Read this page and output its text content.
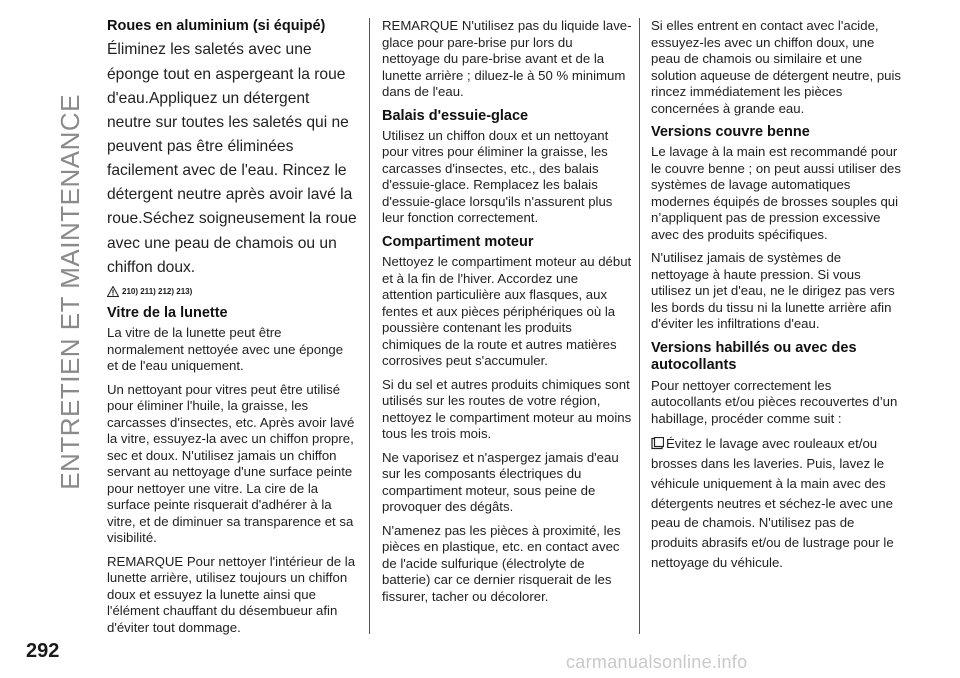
ENTRETIEN ET MAINTENANCE
292
Roues en aluminium (si équipé)

Éliminez les saletés avec une éponge tout en aspergeant la roue d'eau.Appliquez un détergent neutre sur toutes les saletés qui ne peuvent pas être éliminées facilement avec de l'eau. Rincez le détergent neutre après avoir lavé la roue.Séchez soigneusement la roue avec une peau de chamois ou un chiffon doux.

210) 211) 212) 213)
Vitre de la lunette

La vitre de la lunette peut être normalement nettoyée avec une éponge et de l'eau uniquement.

Un nettoyant pour vitres peut être utilisé pour éliminer l'huile, la graisse, les carcasses d'insectes, etc. Après avoir lavé la vitre, essuyez-la avec un chiffon propre, sec et doux. N'utilisez jamais un chiffon servant au nettoyage d'une surface peinte pour nettoyer une vitre. La cire de la surface peinte risquerait d'adhérer à la vitre, et de diminuer sa transparence et sa visibilité.

REMARQUE Pour nettoyer l'intérieur de la lunette arrière, utilisez toujours un chiffon doux et essuyez la lunette ainsi que l'élément chauffant du désembueur afin d'éviter tout dommage.

REMARQUE N'utilisez pas du liquide lave-glace pour pare-brise pur lors du nettoyage du pare-brise avant et de la lunette arrière ; diluez-le à 50 % minimum dans de l'eau.

Balais d'essuie-glace

Utilisez un chiffon doux et un nettoyant pour vitres pour éliminer la graisse, les carcasses d'insectes, etc., des balais d'essuie-glace. Remplacez les balais d'essuie-glace lorsqu'ils n'assurent plus leur fonction correctement.

Compartiment moteur

Nettoyez le compartiment moteur au début et à la fin de l'hiver. Accordez une attention particulière aux flasques, aux fentes et aux pièces périphériques où la poussière contenant les produits chimiques de la route et autres matières corrosives peut s'accumuler.

Si du sel et autres produits chimiques sont utilisés sur les routes de votre région, nettoyez le compartiment moteur au moins tous les trois mois.

Ne vaporisez et n'aspergez jamais d'eau sur les composants électriques du compartiment moteur, sous peine de provoquer des dégâts.

N'amenez pas les pièces à proximité, les pièces en plastique, etc. en contact avec de l'acide sulfurique (électrolyte de batterie) car ce dernier risquerait de les fissurer, tacher ou décolorer.

Si elles entrent en contact avec l'acide, essuyez-les avec un chiffon doux, une peau de chamois ou similaire et une solution aqueuse de détergent neutre, puis rincez immédiatement les pièces concernées à grande eau.

Versions couvre benne

Le lavage à la main est recommandé pour le couvre benne ; on peut aussi utiliser des systèmes de lavage automatiques modernes équipés de brosses souples qui n’appliquent pas de pression excessive avec des produits spécifiques.

N'utilisez jamais de systèmes de nettoyage à haute pression. Si vous utilisez un jet d'eau, ne le dirigez pas vers les bords du tissu ni la lunette arrière afin d'éviter les infiltrations d'eau.

Versions habillés ou avec des autocollants

Pour nettoyer correctement les autocollants et/ou pièces recouvertes d’un habillage, procéder comme suit :

Évitez le lavage avec rouleaux et/ou brosses dans les laveries. Puis, lavez le véhicule uniquement à la main avec des détergents neutres et séchez-le avec une peau de chamois. N'utilisez pas de produits abrasifs et/ou de lustrage pour le nettoyage du véhicule.

carmanualsonline.info
